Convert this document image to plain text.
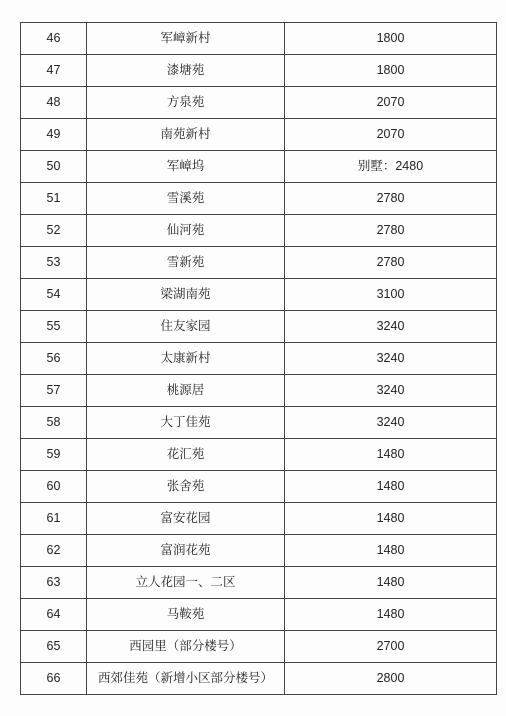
46	军嶂新村	1800
47	漆塘苑	1800
48	方泉苑	2070
49	南苑新村	2070
50	军嶂坞	别墅：2480
51	雪溪苑	2780
52	仙河苑	2780
53	雪新苑	2780
54	梁湖南苑	3100
55	住友家园	3240
56	太康新村	3240
57	桃源居	3240
58	大丁佳苑	3240
59	花汇苑	1480
60	张舍苑	1480
61	富安花园	1480
62	富润花苑	1480
63	立人花园一、二区	1480
64	马鞍苑	1480
65	西园里（部分楼号）	2700
66	西郊佳苑（新增小区部分楼号）	2800
